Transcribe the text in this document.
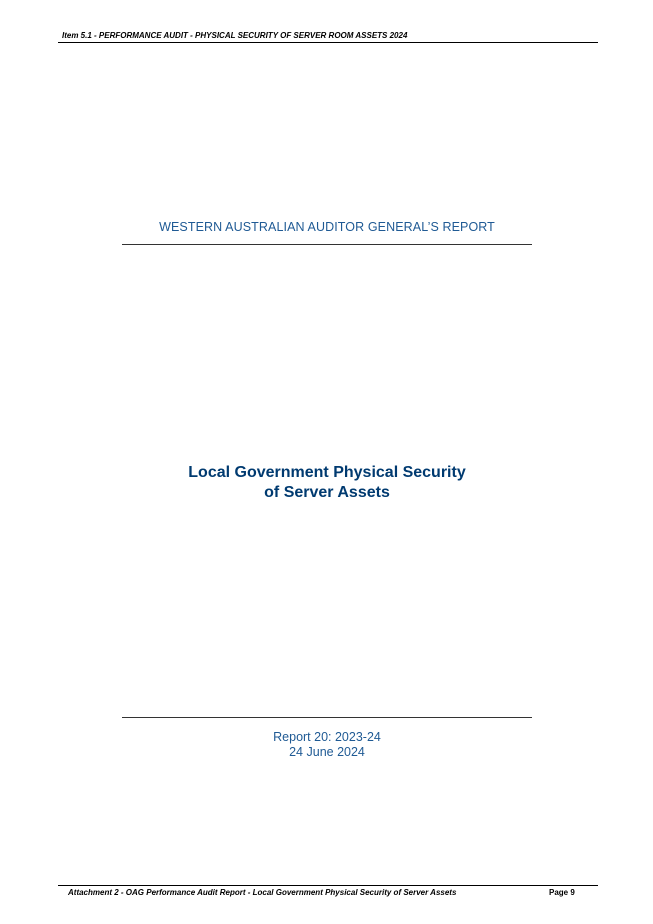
Item 5.1 - PERFORMANCE AUDIT - PHYSICAL SECURITY OF SERVER ROOM ASSETS 2024
WESTERN AUSTRALIAN AUDITOR GENERAL’S REPORT
Local Government Physical Security
of Server Assets
Report 20: 2023-24
24 June 2024
Attachment 2 - OAG Performance Audit Report - Local Government Physical Security of Server Assets	Page 9
